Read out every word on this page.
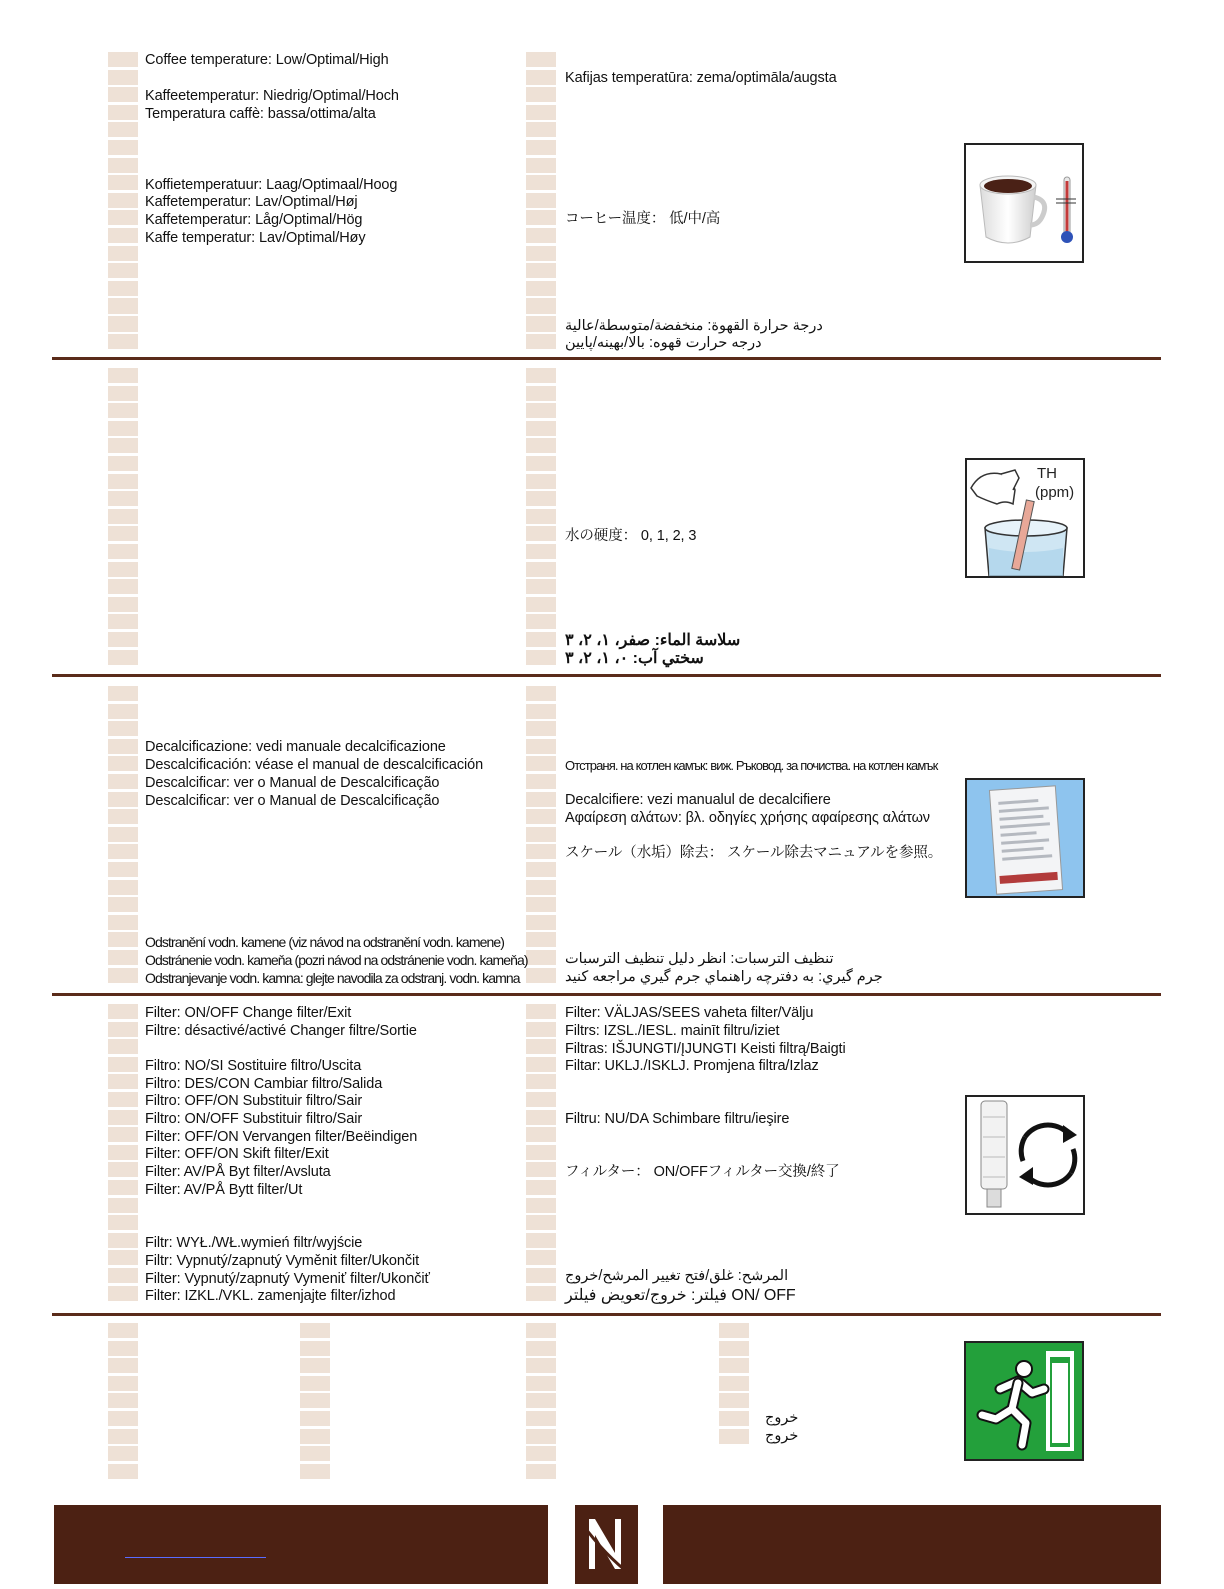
Coffee temperature: Low/Optimal/High
Kaffeetemperatur: Niedrig/Optimal/Hoch
Temperatura caffè: bassa/ottima/alta
Koffietemperatuur: Laag/Optimaal/Hoog
Kaffetemperatur: Lav/Optimal/Høj
Kaffetemperatur: Låg/Optimal/Hög
Kaffe temperatur: Lav/Optimal/Høy
Kafijas temperatūra: zema/optimāla/augsta
コーヒー温度： 低/中/高
درجة حرارة القهوة: منخفضة/متوسطة/عالية
درجه حرارت قهوه: بالا/بهینه/پایین
水の硬度： 0, 1, 2, 3
سلاسة الماء: صفر، ١، ٢، ٣
سختي آب: ٠، ١، ٢، ٣
TH
(ppm)
Decalcificazione: vedi manuale decalcificazione
Descalcificación: véase el manual de descalcificación
Descalcificar: ver o Manual de Descalcificação
Descalcificar: ver o Manual de Descalcificação
Odstranění vodn. kamene (viz návod na odstranění vodn. kamene)
Odstránenie vodn. kameňa (pozri návod na odstránenie vodn. kameňa)
Odstranjevanje vodn. kamna: glejte navodila za odstranj. vodn. kamna
Отстраня. на котлен камък: виж. Ръковод. за почиства. на котлен камък
Decalcifiere: vezi manualul de decalcifiere
Αφαίρεση αλάτων: βλ. οδηγίες χρήσης αφαίρεσης αλάτων
スケール（水垢）除去： スケール除去マニュアルを参照。
تنظيف الترسبات: انظر دليل تنظيف الترسبات
جرم گیري: به دفترچه راهنماي جرم گیري مراجعه کنید
Filter: ON/OFF Change filter/Exit
Filtre: désactivé/activé Changer filtre/Sortie
Filtro: NO/SI Sostituire filtro/Uscita
Filtro: DES/CON Cambiar filtro/Salida
Filtro: OFF/ON Substituir filtro/Sair
Filtro: ON/OFF Substituir filtro/Sair
Filter: OFF/ON Vervangen filter/Beëindigen
Filter: OFF/ON Skift filter/Exit
Filter: AV/PÅ Byt filter/Avsluta
Filter: AV/PÅ Bytt filter/Ut
Filtr: WYŁ./WŁ.wymień filtr/wyjście
Filtr: Vypnutý/zapnutý Vyměnit filter/Ukončit
Filter: Vypnutý/zapnutý Vymeniť filter/Ukončiť
Filter: IZKL./VKL. zamenjajte filter/izhod
Filter: VÄLJAS/SEES vaheta filter/Välju
Filtrs: IZSL./IESL. mainīt filtru/iziet
Filtras: IŠJUNGTI/ĮJUNGTI Keisti filtrą/Baigti
Filtar: UKLJ./ISKLJ. Promjena filtra/Izlaz
Filtru: NU/DA Schimbare filtru/ieşire
フィルター： ON/OFFフィルター交換/終了
المرشح: غلق/فتح تغيير المرشح/خروج
فیلتر: خروج/تعویض فیلتر ON/ OFF
خروج
خروج
